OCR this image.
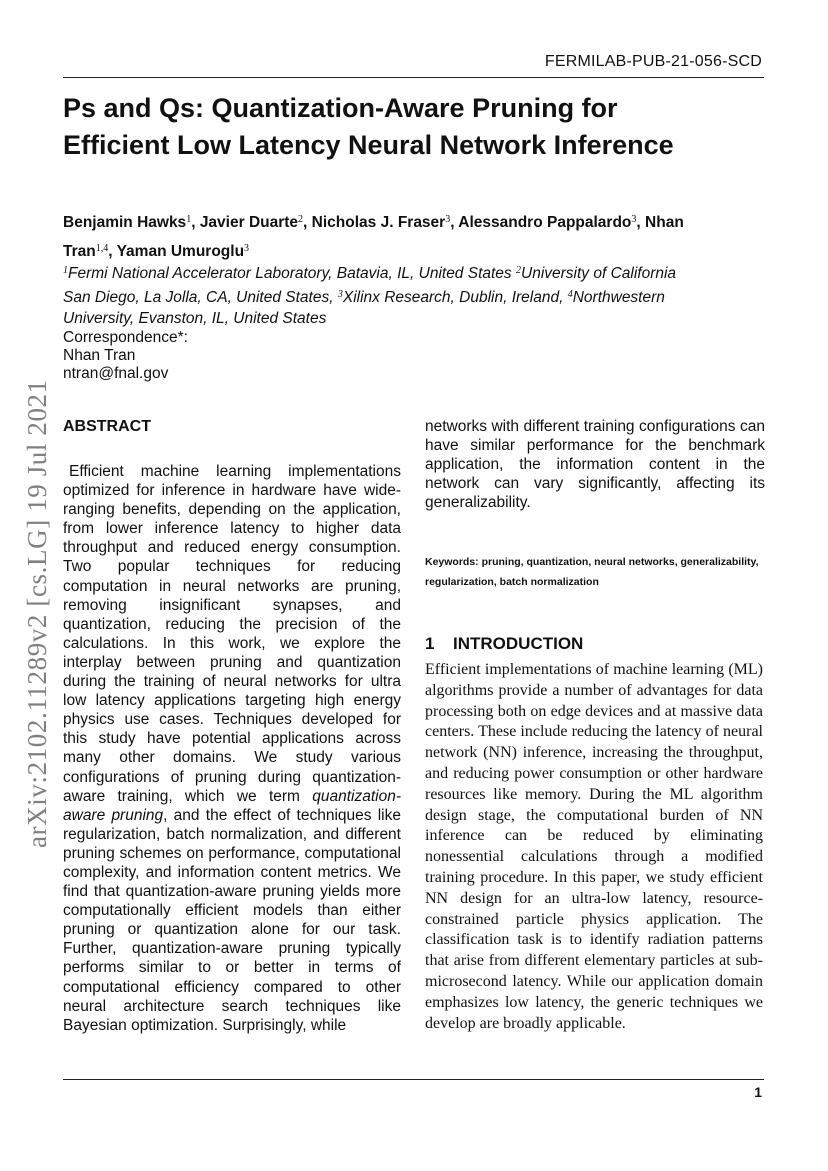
FERMILAB-PUB-21-056-SCD
arXiv:2102.11289v2 [cs.LG] 19 Jul 2021
Ps and Qs: Quantization-Aware Pruning for Efficient Low Latency Neural Network Inference
Benjamin Hawks$^1$, Javier Duarte$^2$, Nicholas J. Fraser$^3$, Alessandro Pappalardo$^3$, Nhan Tran$^{1,4}$, Yaman Umuroglu$^3$
$^1$Fermi National Accelerator Laboratory, Batavia, IL, United States $^2$University of California San Diego, La Jolla, CA, United States, $^3$Xilinx Research, Dublin, Ireland, $^4$Northwestern University, Evanston, IL, United States
Correspondence*:
Nhan Tran
ntran@fnal.gov
ABSTRACT

Efficient machine learning implementations optimized for inference in hardware have wide-ranging benefits, depending on the application, from lower inference latency to higher data throughput and reduced energy consumption. Two popular techniques for reducing computation in neural networks are pruning, removing insignificant synapses, and quantization, reducing the precision of the calculations. In this work, we explore the interplay between pruning and quantization during the training of neural networks for ultra low latency applications targeting high energy physics use cases. Techniques developed for this study have potential applications across many other domains. We study various configurations of pruning during quantization-aware training, which we term quantization-aware pruning, and the effect of techniques like regularization, batch normalization, and different pruning schemes on performance, computational complexity, and information content metrics. We find that quantization-aware pruning yields more computationally efficient models than either pruning or quantization alone for our task. Further, quantization-aware pruning typically performs similar to or better in terms of computational efficiency compared to other neural architecture search techniques like Bayesian optimization. Surprisingly, while

networks with different training configurations can have similar performance for the benchmark application, the information content in the network can vary significantly, affecting its generalizability.

Keywords: pruning, quantization, neural networks, generalizability, regularization, batch normalization
1 INTRODUCTION

Efficient implementations of machine learning (ML) algorithms provide a number of advantages for data processing both on edge devices and at massive data centers. These include reducing the latency of neural network (NN) inference, increasing the throughput, and reducing power consumption or other hardware resources like memory. During the ML algorithm design stage, the computational burden of NN inference can be reduced by eliminating nonessential calculations through a modified training procedure. In this paper, we study efficient NN design for an ultra-low latency, resource-constrained particle physics application. The classification task is to identify radiation patterns that arise from different elementary particles at sub-microsecond latency. While our application domain emphasizes low latency, the generic techniques we develop are broadly applicable.

1
